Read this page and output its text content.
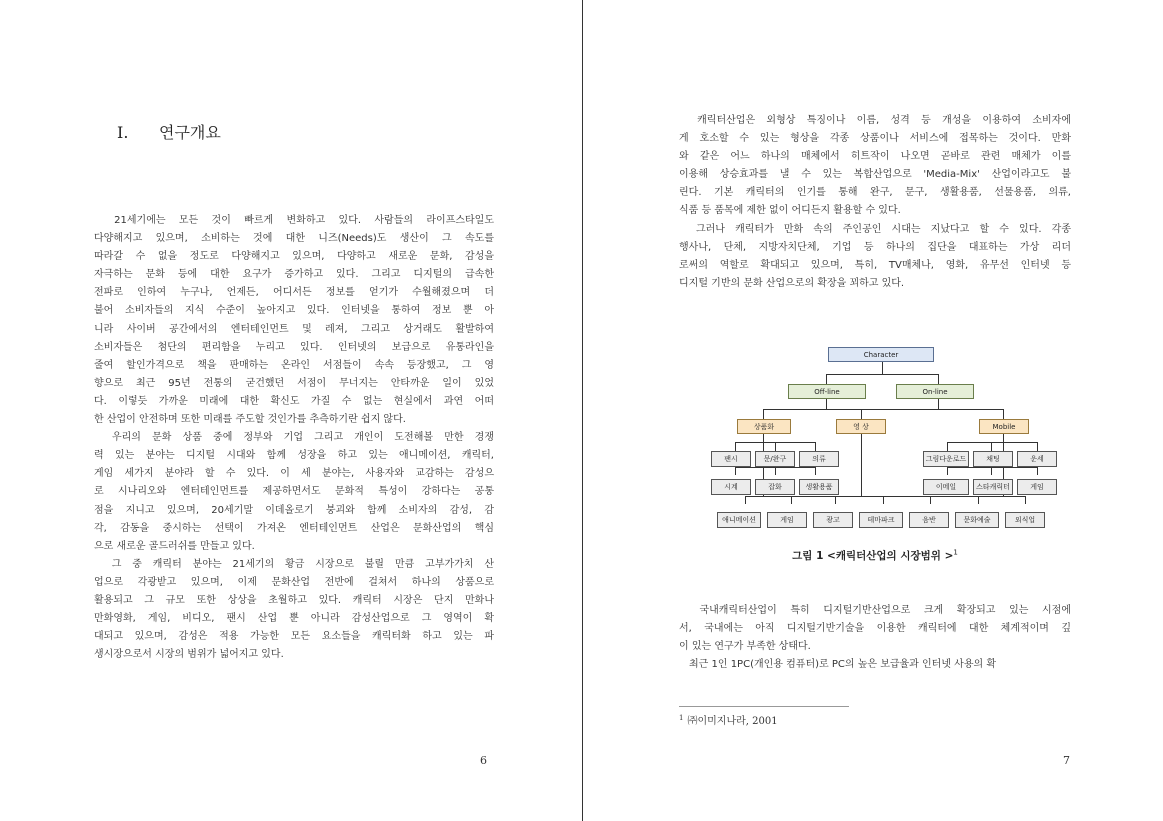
I. 연구개요
　21세기에는 모든 것이 빠르게 변화하고 있다. 사람들의 라이프스타일도
다양해지고 있으며, 소비하는 것에 대한 니즈(Needs)도 생산이 그 속도를
따라갈 수 없을 정도로 다양해지고 있으며, 다양하고 새로운 문화, 감성을
자극하는 문화 등에 대한 요구가 증가하고 있다. 그리고 디지털의 급속한
전파로 인하여 누구나, 언제든, 어디서든 정보를 얻기가 수월해졌으며 더
불어 소비자들의 지식 수준이 높아지고 있다. 인터넷을 통하여 정보 뿐 아
니라 사이버 공간에서의 엔터테인먼트 및 레져, 그리고 상거래도 활발하여
소비자들은 첨단의 편리함을 누리고 있다. 인터넷의 보급으로 유통라인을
줄여 할인가격으로 책을 판매하는 온라인 서점들이 속속 등장했고, 그 영
향으로 최근 95년 전통의 굳건했던 서점이 무너지는 안타까운 일이 있었
다. 이렇듯 가까운 미래에 대한 확신도 가질 수 없는 현실에서 과연 어떠
한 산업이 안전하며 또한 미래를 주도할 것인가를 추측하기란 쉽지 않다.
　우리의 문화 상품 중에 정부와 기업 그리고 개인이 도전해볼 만한 경쟁
력 있는 분야는 디지털 시대와 함께 성장을 하고 있는 애니메이션, 캐릭터,
게임 세가지 분야라 할 수 있다. 이 세 분야는, 사용자와 교감하는 감성으
로 시나리오와 엔터테인먼트를 제공하면서도 문화적 특성이 강하다는 공통
점을 지니고 있으며, 20세기말 이데올로기 붕괴와 함께 소비자의 감성, 감
각, 감동을 중시하는 선택이 가져온 엔터테인먼트 산업은 문화산업의 핵심
으로 새로운 골드러쉬를 만들고 있다.
　그 중 캐릭터 분야는 21세기의 황금 시장으로 불릴 만큼 고부가가치 산
업으로 각광받고 있으며, 이제 문화산업 전반에 걸쳐서 하나의 상품으로
활용되고 그 규모 또한 상상을 초월하고 있다. 캐릭터 시장은 단지 만화나
만화영화, 게임, 비디오, 팬시 산업 뿐 아니라 감성산업으로 그 영역이 확
대되고 있으며, 감성은 적용 가능한 모든 요소들을 캐릭터화 하고 있는 파
생시장으로서 시장의 범위가 넓어지고 있다.
6
　캐릭터산업은 외형상 특징이나 이름, 성격 등 개성을 이용하여 소비자에
게 호소할 수 있는 형상을 각종 상품이나 서비스에 접목하는 것이다. 만화
와 같은 어느 하나의 매체에서 히트작이 나오면 곧바로 관련 매체가 이를
이용해 상승효과를 낼 수 있는 복합산업으로 'Media-Mix' 산업이라고도 불
린다. 기본 캐릭터의 인기를 통해 완구, 문구, 생활용품, 선물용품, 의류,
식품 등 품목에 제한 없이 어디든지 활용할 수 있다.
　그러나 캐릭터가 만화 속의 주인공인 시대는 지났다고 할 수 있다. 각종
행사나, 단체, 지방자치단체, 기업 등 하나의 집단을 대표하는 가상 리더
로써의 역할로 확대되고 있으며, 특히, TV매체나, 영화, 유무선 인터넷 등
디지털 기반의 문화 산업으로의 확장을 꾀하고 있다.
Character
Off-line	On-line
상품화	영 상	Mobile
팬시	문/완구	의류
시계	잡화	생활용품
그림다운로드	채팅	운세
이메일	스타캐릭터	게임
애니메이션	게임	광고	테마파크	음반	문화예술	외식업
그림 1 <캐릭터산업의 시장범위 >$^1$
　국내캐릭터산업이 특히 디지털기반산업으로 크게 확장되고 있는 시점에
서, 국내에는 아직 디지털기반기술을 이용한 캐릭터에 대한 체계적이며 깊
이 있는 연구가 부족한 상태다.
　최근 1인 1PC(개인용 컴퓨터)로 PC의 높은 보급율과 인터넷 사용의 확
$^1$ ㈜이미지나라, 2001
7
